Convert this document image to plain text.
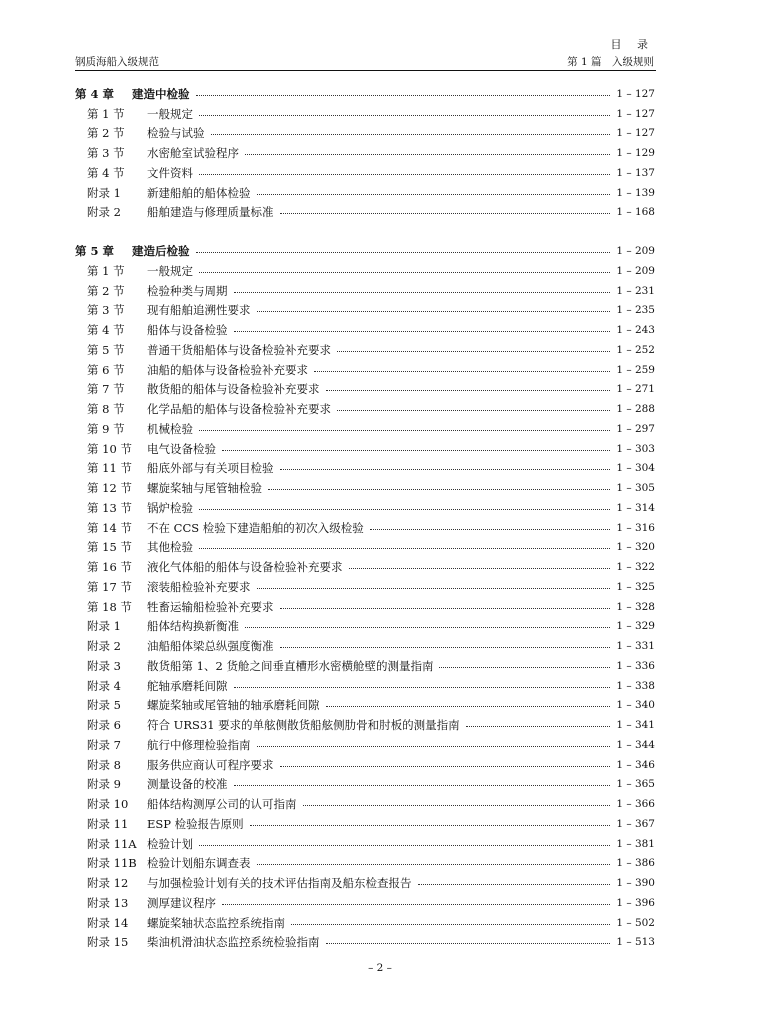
目 录
钢质海船入级规范	第 1 篇　入级规则
第 4 章 建造中检验	1 – 127
第 1 节	一般规定	1 – 127
第 2 节	检验与试验	1 – 127
第 3 节	水密舱室试验程序	1 – 129
第 4 节	文件资料	1 – 137
附录 1	新建船舶的船体检验	1 – 139
附录 2	船舶建造与修理质量标准	1 – 168
第 5 章 建造后检验	1 – 209
第 1 节	一般规定	1 – 209
第 2 节	检验种类与周期	1 – 231
第 3 节	现有船舶追溯性要求	1 – 235
第 4 节	船体与设备检验	1 – 243
第 5 节	普通干货船船体与设备检验补充要求	1 – 252
第 6 节	油船的船体与设备检验补充要求	1 – 259
第 7 节	散货船的船体与设备检验补充要求	1 – 271
第 8 节	化学品船的船体与设备检验补充要求	1 – 288
第 9 节	机械检验	1 – 297
第 10 节	电气设备检验	1 – 303
第 11 节	船底外部与有关项目检验	1 – 304
第 12 节	螺旋桨轴与尾管轴检验	1 – 305
第 13 节	锅炉检验	1 – 314
第 14 节	不在 CCS 检验下建造船舶的初次入级检验	1 – 316
第 15 节	其他检验	1 – 320
第 16 节	液化气体船的船体与设备检验补充要求	1 – 322
第 17 节	滚装船检验补充要求	1 – 325
第 18 节	牲畜运输船检验补充要求	1 – 328
附录 1	船体结构换新衡准	1 – 329
附录 2	油船船体梁总纵强度衡准	1 – 331
附录 3	散货船第 1、2 货舱之间垂直槽形水密横舱壁的测量指南	1 – 336
附录 4	舵轴承磨耗间隙	1 – 338
附录 5	螺旋桨轴或尾管轴的轴承磨耗间隙	1 – 340
附录 6	符合 URS31 要求的单舷侧散货船舷侧肋骨和肘板的测量指南	1 – 341
附录 7	航行中修理检验指南	1 – 344
附录 8	服务供应商认可程序要求	1 – 346
附录 9	测量设备的校准	1 – 365
附录 10	船体结构测厚公司的认可指南	1 – 366
附录 11	ESP 检验报告原则	1 – 367
附录 11A 检验计划	1 – 381
附录 11B 检验计划船东调查表	1 – 386
附录 12	与加强检验计划有关的技术评估指南及船东检查报告	1 – 390
附录 13	测厚建议程序	1 – 396
附录 14	螺旋桨轴状态监控系统指南	1 – 502
附录 15	柴油机滑油状态监控系统检验指南	1 – 513
– 2 –
